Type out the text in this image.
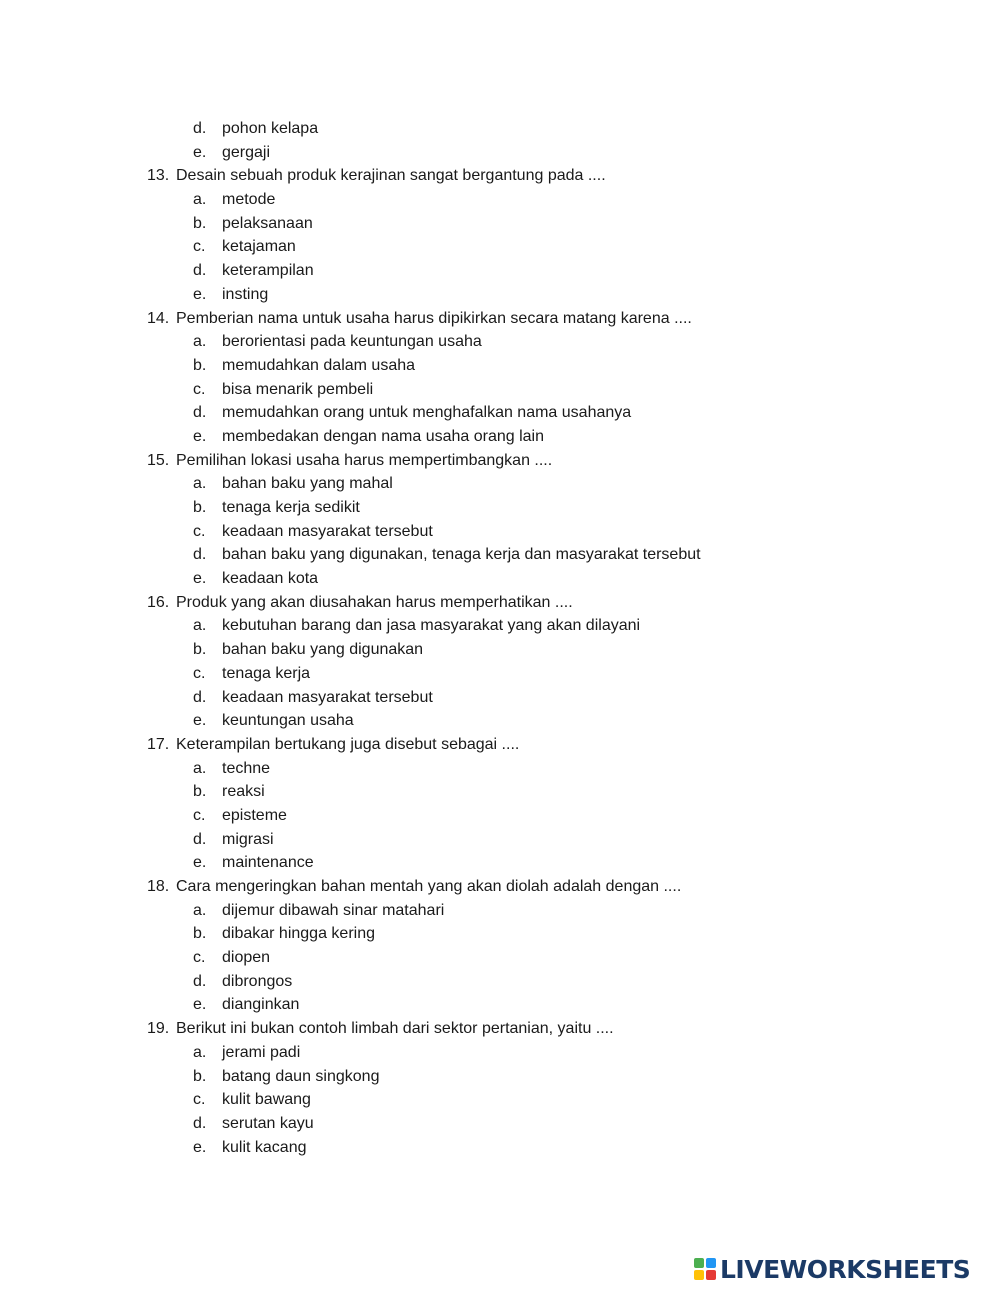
d. pohon kelapa
e. gergaji
13. Desain sebuah produk kerajinan sangat bergantung pada ....
a. metode
b. pelaksanaan
c. ketajaman
d. keterampilan
e. insting
14. Pemberian nama untuk usaha harus dipikirkan secara matang karena ....
a. berorientasi pada keuntungan usaha
b. memudahkan dalam usaha
c. bisa menarik pembeli
d. memudahkan orang untuk menghafalkan nama usahanya
e. membedakan dengan nama usaha orang lain
15. Pemilihan lokasi usaha harus mempertimbangkan ....
a. bahan baku yang mahal
b. tenaga kerja sedikit
c. keadaan masyarakat tersebut
d. bahan baku yang digunakan, tenaga kerja dan masyarakat tersebut
e. keadaan kota
16. Produk yang akan diusahakan harus memperhatikan ....
a. kebutuhan barang dan jasa masyarakat yang akan dilayani
b. bahan baku yang digunakan
c. tenaga kerja
d. keadaan masyarakat tersebut
e. keuntungan usaha
17. Keterampilan bertukang juga disebut sebagai ....
a. techne
b. reaksi
c. episteme
d. migrasi
e. maintenance
18. Cara mengeringkan bahan mentah yang akan diolah adalah dengan ....
a. dijemur dibawah sinar matahari
b. dibakar hingga kering
c. diopen
d. dibrongos
e. dianginkan
19. Berikut ini bukan contoh limbah dari sektor pertanian, yaitu ....
a. jerami padi
b. batang daun singkong
c. kulit bawang
d. serutan kayu
e. kulit kacang
LIVEWORKSHEETS
